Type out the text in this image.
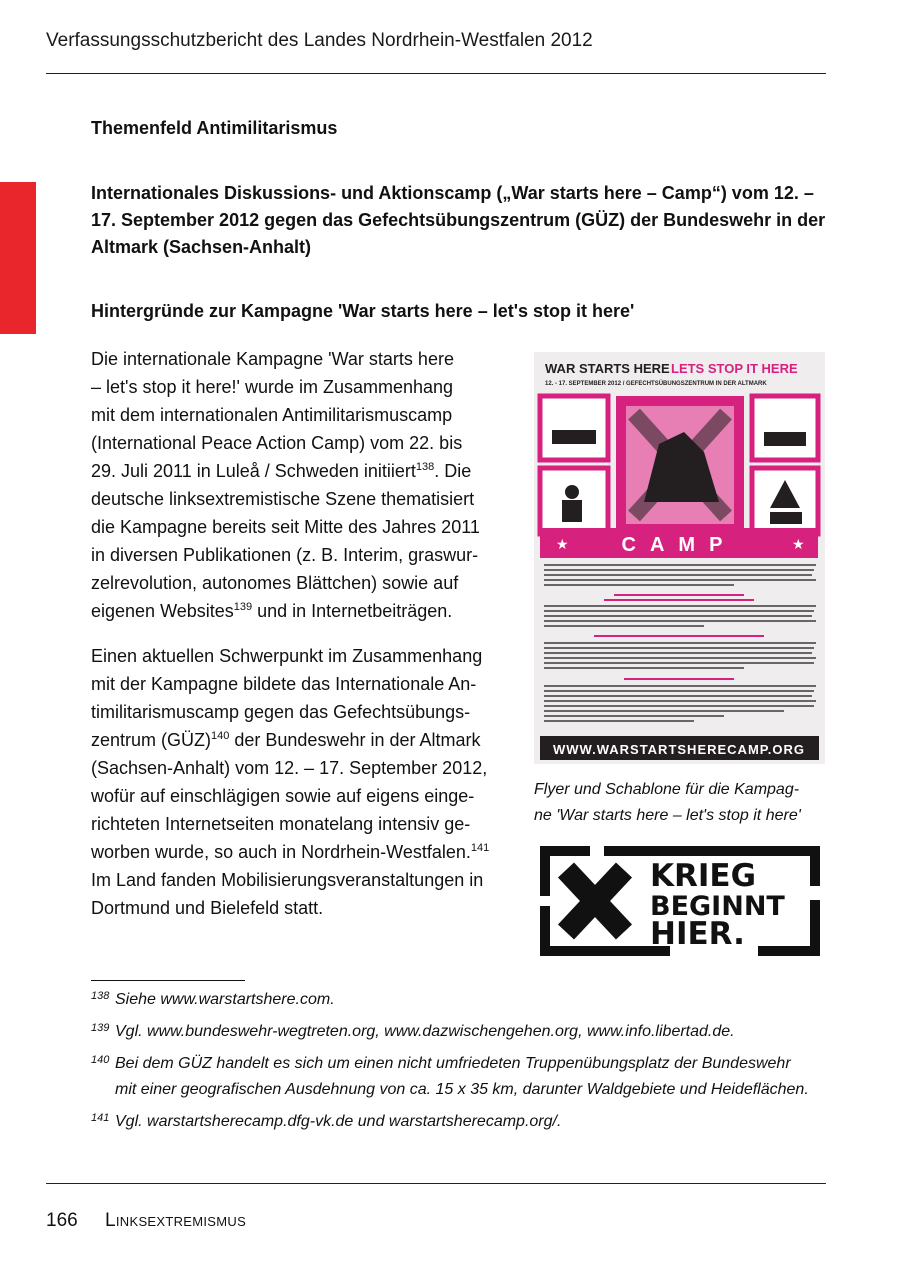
Verfassungsschutzbericht des Landes Nordrhein-Westfalen 2012
Themenfeld Antimilitarismus
Internationales Diskussions- und Aktionscamp („War starts here – Camp“) vom 12. – 17. September 2012 gegen das Gefechtsübungszentrum (GÜZ) der Bundeswehr in der Altmark (Sachsen-Anhalt)
Hintergründe zur Kampagne 'War starts here – let's stop it here'

Die internationale Kampagne 'War starts here

– let's stop it here!' wurde im Zusammenhang

mit dem internationalen Antimilitarismuscamp

(International Peace Action Camp) vom 22. bis

29. Juli 2011 in Luleå / Schweden initiiert$^{138}$. Die

deutsche linksextremistische Szene thematisiert

die Kampagne bereits seit Mitte des Jahres 2011

in diversen Publikationen (z. B. Interim, graswur-

zelrevolution, autonomes Blättchen) sowie auf

eigenen Websites$^{139}$ und in Internetbeiträgen.

Einen aktuellen Schwerpunkt im Zusammenhang

mit der Kampagne bildete das Internationale An-

timilitarismuscamp gegen das Gefechtsübungs-

zentrum (GÜZ)$^{140}$ der Bundeswehr in der Altmark

(Sachsen-Anhalt) vom 12. – 17. September 2012,

wofür auf einschlägigen sowie auf eigens einge-

richteten Internetseiten monatelang intensiv ge-

worben wurde, so auch in Nordrhein-Westfalen.$^{141}$

Im Land fanden Mobilisierungsveranstaltungen in

Dortmund und Bielefeld statt.

WAR STARTS HERE LETS STOP IT HERE
12. - 17. SEPTEMBER 2012 / GEFECHTSÜBUNGSZENTRUM IN DER ALTMARK
★	★
CAMP
WWW.WARSTARTSHERECAMP.ORG
Flyer und Schablone für die Kampag-
ne 'War starts here – let's stop it here'
KRIEG
BEGINNT
HIER.
138 Siehe www.warstartshere.com.
139 Vgl. www.bundeswehr-wegtreten.org, www.dazwischengehen.org, www.info.libertad.de.
140 Bei dem GÜZ handelt es sich um einen nicht umfriedeten Truppenübungsplatz der Bundeswehr mit einer geografischen Ausdehnung von ca. 15 x 35 km, darunter Waldgebiete und Heideflächen.
141 Vgl. warstartsherecamp.dfg-vk.de und warstartsherecamp.org/.
166 Linksextremismus
